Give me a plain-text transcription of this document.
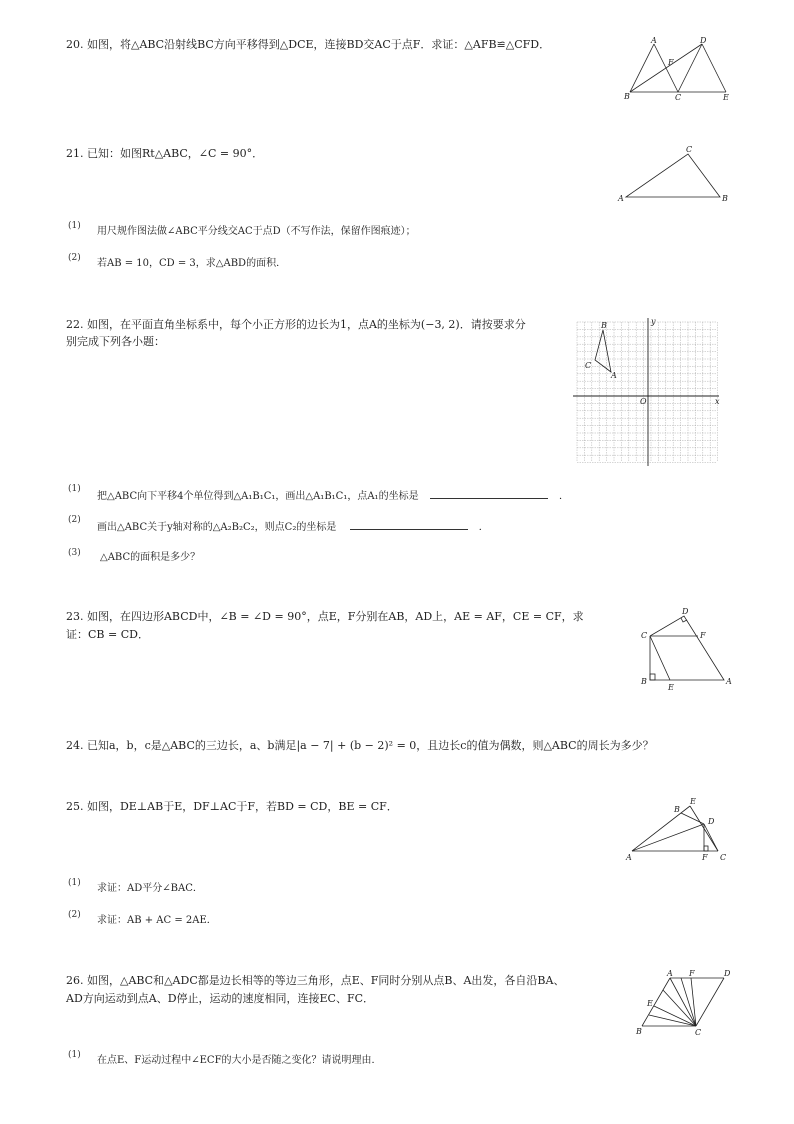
20. 如图，将△ABC沿射线BC方向平移得到△DCE，连接BD交AC于点F．求证：△AFB≌△CFD．	A
B	C
D
E
F
21. 已知：如图Rt△ABC，∠C = 90°．
A	B
C
(1) 用尺规作图法做∠ABC平分线交AC于点D（不写作法，保留作图痕迹）；
(2) 若AB = 10，CD = 3，求△ABD的面积．
22. 如图，在平面直角坐标系中，每个小正方形的边长为1，点A的坐标为(−3, 2)．请按要求分
别完成下列各小题：
B
C
A
O	x
y
(1)
把△ABC向下平移4个单位得到△A₁B₁C₁，画出△A₁B₁C₁，点A₁的坐标是	．
(2)
画出△ABC关于y轴对称的△A₂B₂C₂，则点C₂的坐标是	．
(3) △ABC的面积是多少？
23. 如图，在四边形ABCD中，∠B = ∠D = 90°，点E，F分别在AB，AD上，AE = AF，CE = CF，求
证：CB = CD．
D
C	F
B
E
A
24. 已知a，b，c是△ABC的三边长，a、b满足|a − 7| + (b − 2)² = 0，且边长c的值为偶数，则△ABC的周长为多少？
25. 如图，DE⊥AB于E，DF⊥AC于F，若BD = CD，BE = CF．	B
E
D
A	F C
(1) 求证：AD平分∠BAC．
(2) 求证：AB + AC = 2AE．
26. 如图，△ABC和△ADC都是边长相等的等边三角形，点E、F同时分别从点B、A出发，各自沿BA、
AD方向运动到点A、D停止，运动的速度相同，连接EC、FC．
A F	D
E
B	C
(1) 在点E、F运动过程中∠ECF的大小是否随之变化？请说明理由．
